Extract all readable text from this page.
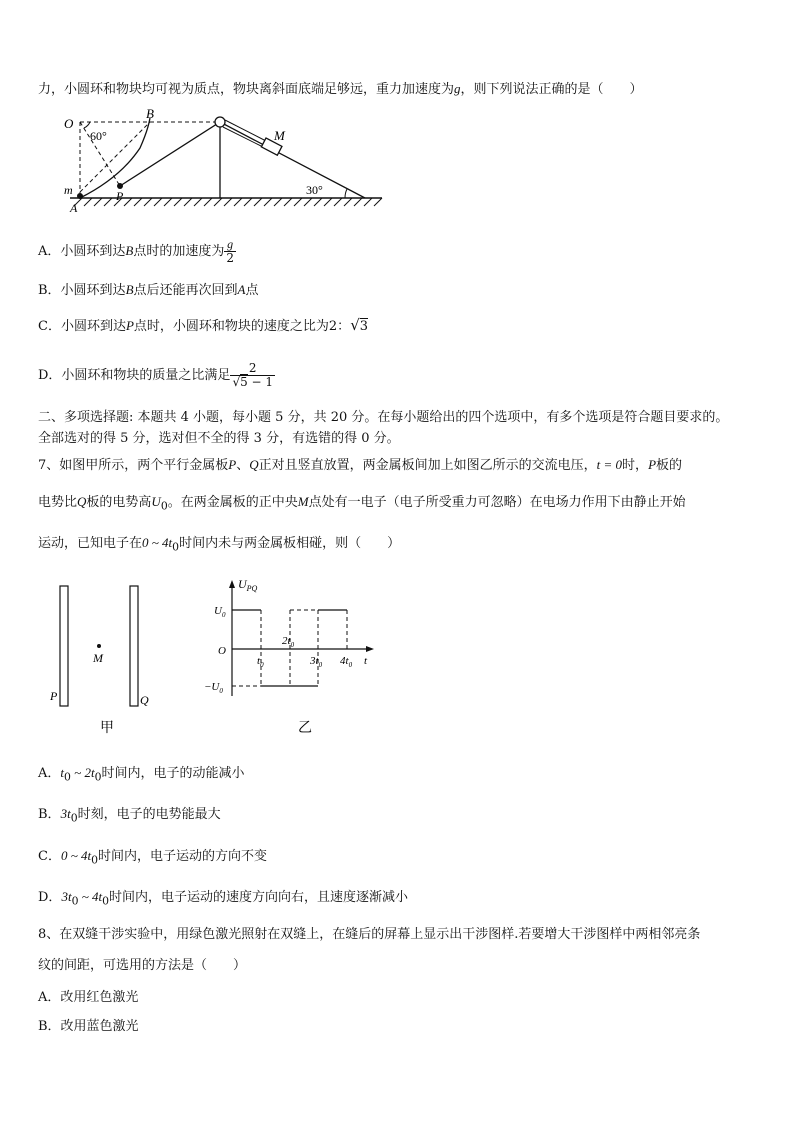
力，小圆环和物块均可视为质点，物块离斜面底端足够远，重力加速度为g，则下列说法正确的是（　　）
O
60°
B
M
m	P
A
30°
A．小圆环到达B点时的加速度为 $\frac{g}{2}$
B．小圆环到达B点后还能再次回到A点
C．小圆环到达P点时，小圆环和物块的速度之比为2：√3
D．小圆环和物块的质量之比满足 $\frac{2}{√5 - 1}$
二、多项选择题: 本题共 4 小题，每小题 5 分，共 20 分。在每小题给出的四个选项中，有多个选项是符合题目要求的。
全部选对的得 5 分，选对但不全的得 3 分，有选错的得 0 分。
7、如图甲所示，两个平行金属板P、Q正对且竖直放置，两金属板间加上如图乙所示的交流电压，t = 0时，P板的
电势比Q板的电势高$U_0$。在两金属板的正中央M点处有一电子（电子所受重力可忽略）在电场力作用下由静止开始
运动，已知电子在0 ~ $4t_0$时间内未与两金属板相碰，则（　　）
M
P	Q
甲
$U_{PQ}$
$U_0$
$-U_0$
O
$t_0$
$2t_0$
$3t_0$ $4t_0$ t
乙
A．$t_0$ ~ $2t_0$时间内，电子的动能减小
B．$3t_0$时刻，电子的电势能最大
C．0 ~ $4t_0$时间内，电子运动的方向不变
D．$3t_0$ ~ $4t_0$时间内，电子运动的速度方向向右，且速度逐渐减小
8、在双缝干涉实验中，用绿色激光照射在双缝上，在缝后的屏幕上显示出干涉图样.若要增大干涉图样中两相邻亮条
纹的间距，可选用的方法是（　　）
A．改用红色激光
B．改用蓝色激光
